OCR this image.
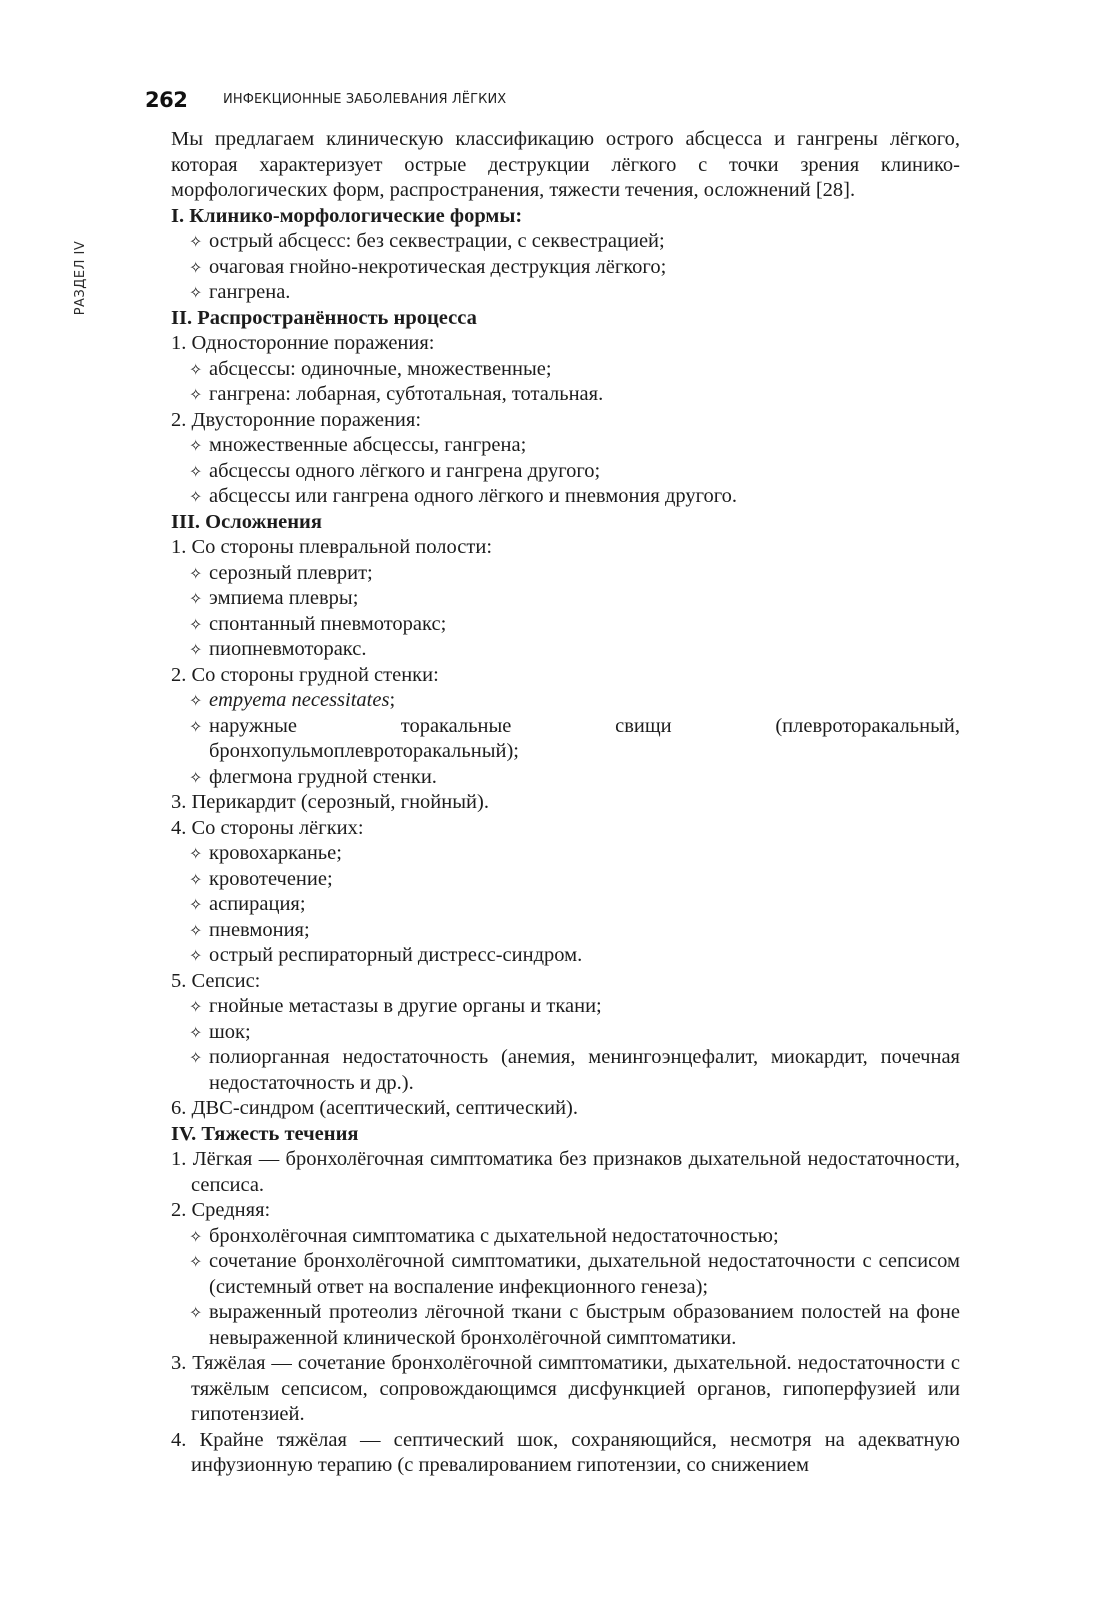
РАЗДЕЛ IV
262	ИНФЕКЦИОННЫЕ ЗАБОЛЕВАНИЯ ЛЁГКИХ

Мы предлагаем клиническую классификацию острого абсцесса и гангрены лёгкого, которая характеризует острые деструкции лёгкого с точки зрения клинико-морфологических форм, распространения, тяжести течения, осложнений [28].

I. Клинико-морфологические формы:

✧ острый абсцесс: без секвестрации, с секвестрацией;
✧ очаговая гнойно-некротическая деструкция лёгкого;
✧ гангрена.

II. Распространённость нроцесса

1. Односторонние поражения:
✧ абсцессы: одиночные, множественные;
✧ гангрена: лобарная, субтотальная, тотальная.
2. Двусторонние поражения:
✧ множественные абсцессы, гангрена;
✧ абсцессы одного лёгкого и гангрена другого;
✧ абсцессы или гангрена одного лёгкого и пневмония другого.

III. Осложнения

1. Со стороны плевральной полости:
✧ серозный плеврит;
✧ эмпиема плевры;
✧ спонтанный пневмоторакс;
✧ пиопневмоторакс.
2. Со стороны грудной стенки:
✧ empyema necessitates;
✧ наружные торакальные свищи (плевроторакальный, бронхопульмоплевроторакальный);
✧ флегмона грудной стенки.
3. Перикардит (серозный, гнойный).
4. Со стороны лёгких:
✧ кровохарканье;
✧ кровотечение;
✧ аспирация;
✧ пневмония;
✧ острый респираторный дистресс-синдром.
5. Сепсис:
✧ гнойные метастазы в другие органы и ткани;
✧ шок;
✧ полиорганная недостаточность (анемия, менингоэнцефалит, миокардит, почечная недостаточность и др.).
6. ДВС-синдром (асептический, септический).

IV. Тяжесть течения

1. Лёгкая — бронхолёгочная симптоматика без признаков дыхательной недостаточности, сепсиса.
2. Средняя:
✧ бронхолёгочная симптоматика с дыхательной недостаточностью;
✧ сочетание бронхолёгочной симптоматики, дыхательной недостаточности с сепсисом (системный ответ на воспаление инфекционного генеза);
✧ выраженный протеолиз лёгочной ткани с быстрым образованием полостей на фоне невыраженной клинической бронхолёгочной симптоматики.
3. Тяжёлая — сочетание бронхолёгочной симптоматики, дыхательной. недостаточности с тяжёлым сепсисом, сопровождающимся дисфункцией органов, гипоперфузией или гипотензией.
4. Крайне тяжёлая — септический шок, сохраняющийся, несмотря на адекватную инфузионную терапию (с превалированием гипотензии, со снижением
